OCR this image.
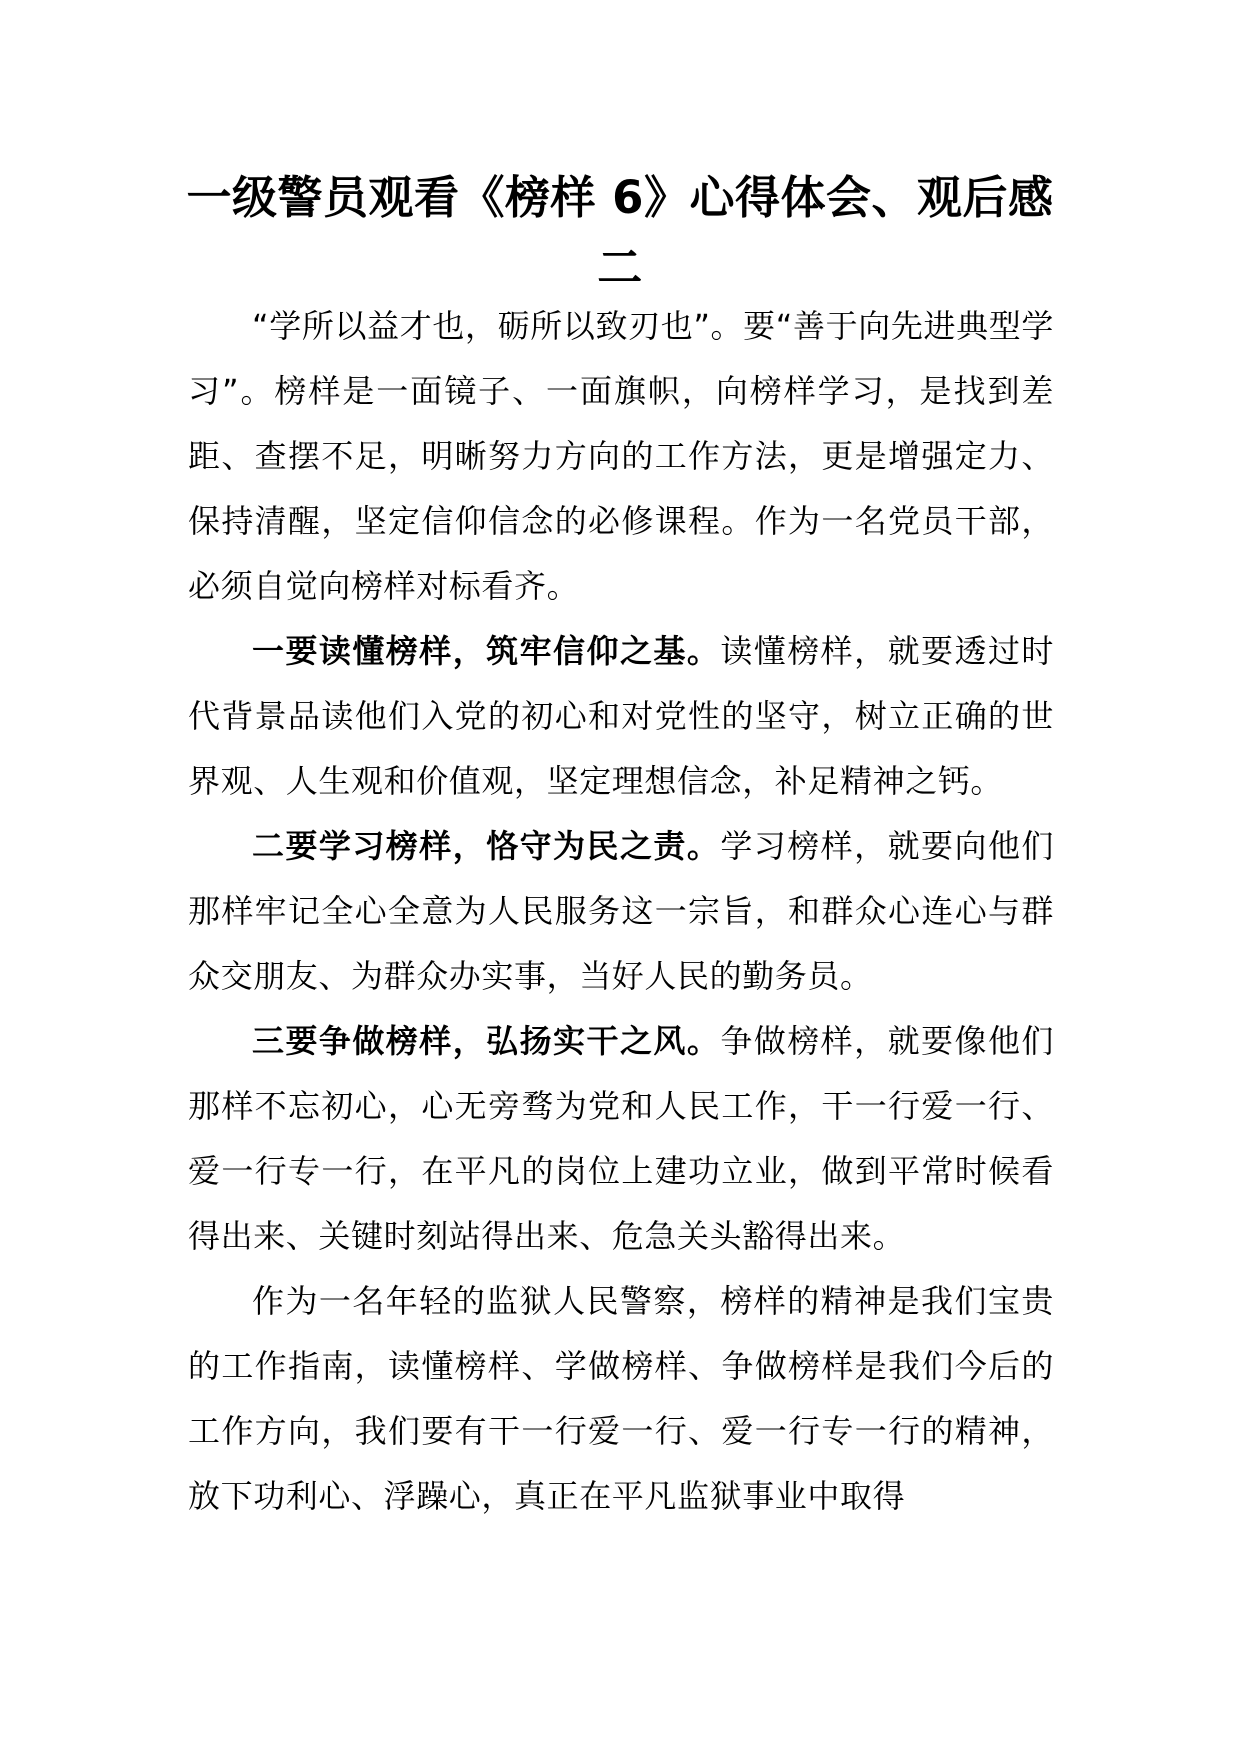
一级警员观看《榜样 6》心得体会、观后感二

“学所以益才也，砺所以致刃也”。要“善于向先进典型学习”。榜样是一面镜子、一面旗帜，向榜样学习，是找到差距、查摆不足，明晰努力方向的工作方法，更是增强定力、保持清醒，坚定信仰信念的必修课程。作为一名党员干部，必须自觉向榜样对标看齐。

一要读懂榜样，筑牢信仰之基。读懂榜样，就要透过时代背景品读他们入党的初心和对党性的坚守，树立正确的世界观、人生观和价值观，坚定理想信念，补足精神之钙。

二要学习榜样，恪守为民之责。学习榜样，就要向他们那样牢记全心全意为人民服务这一宗旨，和群众心连心与群众交朋友、为群众办实事，当好人民的勤务员。

三要争做榜样，弘扬实干之风。争做榜样，就要像他们那样不忘初心，心无旁骛为党和人民工作，干一行爱一行、爱一行专一行，在平凡的岗位上建功立业，做到平常时候看得出来、关键时刻站得出来、危急关头豁得出来。

作为一名年轻的监狱人民警察，榜样的精神是我们宝贵的工作指南，读懂榜样、学做榜样、争做榜样是我们今后的工作方向，我们要有干一行爱一行、爱一行专一行的精神，放下功利心、浮躁心，真正在平凡监狱事业中取得
